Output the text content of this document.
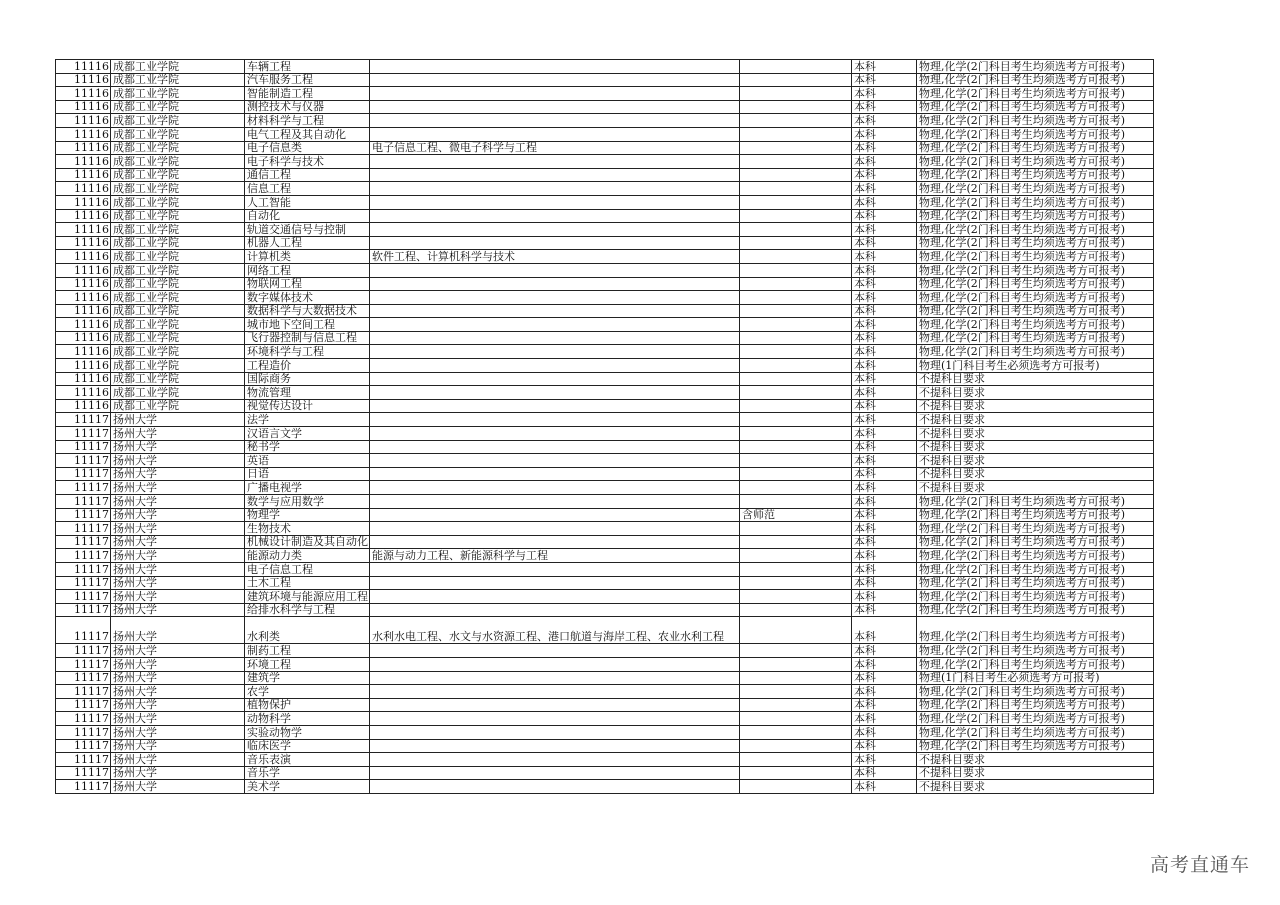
11116	成都工业学院	车辆工程			本科	物理,化学(2门科目考生均须选考方可报考)
11116	成都工业学院	汽车服务工程			本科	物理,化学(2门科目考生均须选考方可报考)
11116	成都工业学院	智能制造工程			本科	物理,化学(2门科目考生均须选考方可报考)
11116	成都工业学院	测控技术与仪器			本科	物理,化学(2门科目考生均须选考方可报考)
11116	成都工业学院	材料科学与工程			本科	物理,化学(2门科目考生均须选考方可报考)
11116	成都工业学院	电气工程及其自动化			本科	物理,化学(2门科目考生均须选考方可报考)
11116	成都工业学院	电子信息类	电子信息工程、微电子科学与工程		本科	物理,化学(2门科目考生均须选考方可报考)
11116	成都工业学院	电子科学与技术			本科	物理,化学(2门科目考生均须选考方可报考)
11116	成都工业学院	通信工程			本科	物理,化学(2门科目考生均须选考方可报考)
11116	成都工业学院	信息工程			本科	物理,化学(2门科目考生均须选考方可报考)
11116	成都工业学院	人工智能			本科	物理,化学(2门科目考生均须选考方可报考)
11116	成都工业学院	自动化			本科	物理,化学(2门科目考生均须选考方可报考)
11116	成都工业学院	轨道交通信号与控制			本科	物理,化学(2门科目考生均须选考方可报考)
11116	成都工业学院	机器人工程			本科	物理,化学(2门科目考生均须选考方可报考)
11116	成都工业学院	计算机类	软件工程、计算机科学与技术		本科	物理,化学(2门科目考生均须选考方可报考)
11116	成都工业学院	网络工程			本科	物理,化学(2门科目考生均须选考方可报考)
11116	成都工业学院	物联网工程			本科	物理,化学(2门科目考生均须选考方可报考)
11116	成都工业学院	数字媒体技术			本科	物理,化学(2门科目考生均须选考方可报考)
11116	成都工业学院	数据科学与大数据技术			本科	物理,化学(2门科目考生均须选考方可报考)
11116	成都工业学院	城市地下空间工程			本科	物理,化学(2门科目考生均须选考方可报考)
11116	成都工业学院	飞行器控制与信息工程			本科	物理,化学(2门科目考生均须选考方可报考)
11116	成都工业学院	环境科学与工程			本科	物理,化学(2门科目考生均须选考方可报考)
11116	成都工业学院	工程造价			本科	物理(1门科目考生必须选考方可报考)
11116	成都工业学院	国际商务			本科	不提科目要求
11116	成都工业学院	物流管理			本科	不提科目要求
11116	成都工业学院	视觉传达设计			本科	不提科目要求
11117	扬州大学	法学			本科	不提科目要求
11117	扬州大学	汉语言文学			本科	不提科目要求
11117	扬州大学	秘书学			本科	不提科目要求
11117	扬州大学	英语			本科	不提科目要求
11117	扬州大学	日语			本科	不提科目要求
11117	扬州大学	广播电视学			本科	不提科目要求
11117	扬州大学	数学与应用数学			本科	物理,化学(2门科目考生均须选考方可报考)
11117	扬州大学	物理学		含师范	本科	物理,化学(2门科目考生均须选考方可报考)
11117	扬州大学	生物技术			本科	物理,化学(2门科目考生均须选考方可报考)
11117	扬州大学	机械设计制造及其自动化			本科	物理,化学(2门科目考生均须选考方可报考)
11117	扬州大学	能源动力类	能源与动力工程、新能源科学与工程		本科	物理,化学(2门科目考生均须选考方可报考)
11117	扬州大学	电子信息工程			本科	物理,化学(2门科目考生均须选考方可报考)
11117	扬州大学	土木工程			本科	物理,化学(2门科目考生均须选考方可报考)
11117	扬州大学	建筑环境与能源应用工程			本科	物理,化学(2门科目考生均须选考方可报考)
11117	扬州大学	给排水科学与工程			本科	物理,化学(2门科目考生均须选考方可报考)
11117	扬州大学	水利类	水利水电工程、水文与水资源工程、港口航道与海岸工程、农业水利工程		本科	物理,化学(2门科目考生均须选考方可报考)
11117	扬州大学	制药工程			本科	物理,化学(2门科目考生均须选考方可报考)
11117	扬州大学	环境工程			本科	物理,化学(2门科目考生均须选考方可报考)
11117	扬州大学	建筑学			本科	物理(1门科目考生必须选考方可报考)
11117	扬州大学	农学			本科	物理,化学(2门科目考生均须选考方可报考)
11117	扬州大学	植物保护			本科	物理,化学(2门科目考生均须选考方可报考)
11117	扬州大学	动物科学			本科	物理,化学(2门科目考生均须选考方可报考)
11117	扬州大学	实验动物学			本科	物理,化学(2门科目考生均须选考方可报考)
11117	扬州大学	临床医学			本科	物理,化学(2门科目考生均须选考方可报考)
11117	扬州大学	音乐表演			本科	不提科目要求
11117	扬州大学	音乐学			本科	不提科目要求
11117	扬州大学	美术学			本科	不提科目要求
高考直通车
